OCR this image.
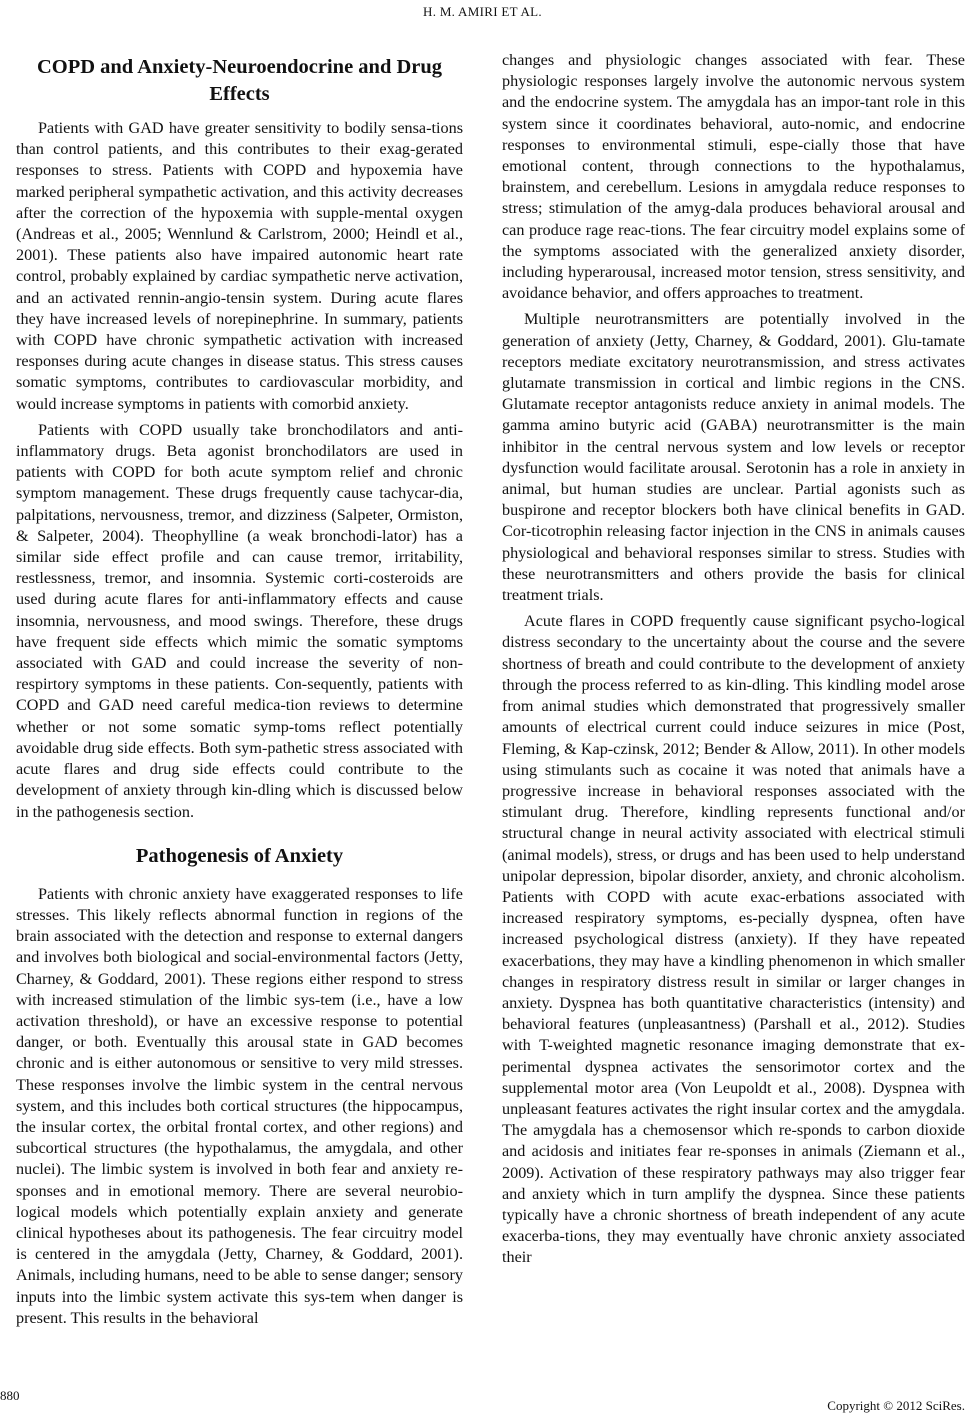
H. M. AMIRI ET AL.
COPD and Anxiety-Neuroendocrine and Drug Effects

Patients with GAD have greater sensitivity to bodily sensa-tions than control patients, and this contributes to their exag-gerated responses to stress. Patients with COPD and hypoxemia have marked peripheral sympathetic activation, and this activity decreases after the correction of the hypoxemia with supple-mental oxygen (Andreas et al., 2005; Wennlund & Carlstrom, 2000; Heindl et al., 2001). These patients also have impaired autonomic heart rate control, probably explained by cardiac sympathetic nerve activation, and an activated rennin-angio-tensin system. During acute flares they have increased levels of norepinephrine. In summary, patients with COPD have chronic sympathetic activation with increased responses during acute changes in disease status. This stress causes somatic symptoms, contributes to cardiovascular morbidity, and would increase symptoms in patients with comorbid anxiety.

Patients with COPD usually take bronchodilators and anti-inflammatory drugs. Beta agonist bronchodilators are used in patients with COPD for both acute symptom relief and chronic symptom management. These drugs frequently cause tachycar-dia, palpitations, nervousness, tremor, and dizziness (Salpeter, Ormiston, & Salpeter, 2004). Theophylline (a weak bronchodi-lator) has a similar side effect profile and can cause tremor, irritability, restlessness, tremor, and insomnia. Systemic corti-costeroids are used during acute flares for anti-inflammatory effects and cause insomnia, nervousness, and mood swings. Therefore, these drugs have frequent side effects which mimic the somatic symptoms associated with GAD and could increase the severity of non-respirtory symptoms in these patients. Con-sequently, patients with COPD and GAD need careful medica-tion reviews to determine whether or not some somatic symp-toms reflect potentially avoidable drug side effects. Both sym-pathetic stress associated with acute flares and drug side effects could contribute to the development of anxiety through kin-dling which is discussed below in the pathogenesis section.

Pathogenesis of Anxiety

Patients with chronic anxiety have exaggerated responses to life stresses. This likely reflects abnormal function in regions of the brain associated with the detection and response to external dangers and involves both biological and social-environmental factors (Jetty, Charney, & Goddard, 2001). These regions either respond to stress with increased stimulation of the limbic sys-tem (i.e., have a low activation threshold), or have an excessive response to potential danger, or both. Eventually this arousal state in GAD becomes chronic and is either autonomous or sensitive to very mild stresses. These responses involve the limbic system in the central nervous system, and this includes both cortical structures (the hippocampus, the insular cortex, the orbital frontal cortex, and other regions) and subcortical structures (the hypothalamus, the amygdala, and other nuclei). The limbic system is involved in both fear and anxiety re-sponses and in emotional memory. There are several neurobio-logical models which potentially explain anxiety and generate clinical hypotheses about its pathogenesis. The fear circuitry model is centered in the amygdala (Jetty, Charney, & Goddard, 2001). Animals, including humans, need to be able to sense danger; sensory inputs into the limbic system activate this sys-tem when danger is present. This results in the behavioral

changes and physiologic changes associated with fear. These physiologic responses largely involve the autonomic nervous system and the endocrine system. The amygdala has an impor-tant role in this system since it coordinates behavioral, auto-nomic, and endocrine responses to environmental stimuli, espe-cially those that have emotional content, through connections to the hypothalamus, brainstem, and cerebellum. Lesions in amygdala reduce responses to stress; stimulation of the amyg-dala produces behavioral arousal and can produce rage reac-tions. The fear circuitry model explains some of the symptoms associated with the generalized anxiety disorder, including hyperarousal, increased motor tension, stress sensitivity, and avoidance behavior, and offers approaches to treatment.

Multiple neurotransmitters are potentially involved in the generation of anxiety (Jetty, Charney, & Goddard, 2001). Glu-tamate receptors mediate excitatory neurotransmission, and stress activates glutamate transmission in cortical and limbic regions in the CNS. Glutamate receptor antagonists reduce anxiety in animal models. The gamma amino butyric acid (GABA) neurotransmitter is the main inhibitor in the central nervous system and low levels or receptor dysfunction would facilitate arousal. Serotonin has a role in anxiety in animal, but human studies are unclear. Partial agonists such as buspirone and receptor blockers both have clinical benefits in GAD. Cor-ticotrophin releasing factor injection in the CNS in animals causes physiological and behavioral responses similar to stress. Studies with these neurotransmitters and others provide the basis for clinical treatment trials.

Acute flares in COPD frequently cause significant psycho-logical distress secondary to the uncertainty about the course and the severe shortness of breath and could contribute to the development of anxiety through the process referred to as kin-dling. This kindling model arose from animal studies which demonstrated that progressively smaller amounts of electrical current could induce seizures in mice (Post, Fleming, & Kap-czinsk, 2012; Bender & Allow, 2011). In other models using stimulants such as cocaine it was noted that animals have a progressive increase in behavioral responses associated with the stimulant drug. Therefore, kindling represents functional and/or structural change in neural activity associated with electrical stimuli (animal models), stress, or drugs and has been used to help understand unipolar depression, bipolar disorder, anxiety, and chronic alcoholism. Patients with COPD with acute exac-erbations associated with increased respiratory symptoms, es-pecially dyspnea, often have increased psychological distress (anxiety). If they have repeated exacerbations, they may have a kindling phenomenon in which smaller changes in respiratory distress result in similar or larger changes in anxiety. Dyspnea has both quantitative characteristics (intensity) and behavioral features (unpleasantness) (Parshall et al., 2012). Studies with T-weighted magnetic resonance imaging demonstrate that ex-perimental dyspnea activates the sensorimotor cortex and the supplemental motor area (Von Leupoldt et al., 2008). Dyspnea with unpleasant features activates the right insular cortex and the amygdala. The amygdala has a chemosensor which re-sponds to carbon dioxide and acidosis and initiates fear re-sponses in animals (Ziemann et al., 2009). Activation of these respiratory pathways may also trigger fear and anxiety which in turn amplify the dyspnea. Since these patients typically have a chronic shortness of breath independent of any acute exacerba-tions, they may eventually have chronic anxiety associated their

880
Copyright © 2012 SciRes.
